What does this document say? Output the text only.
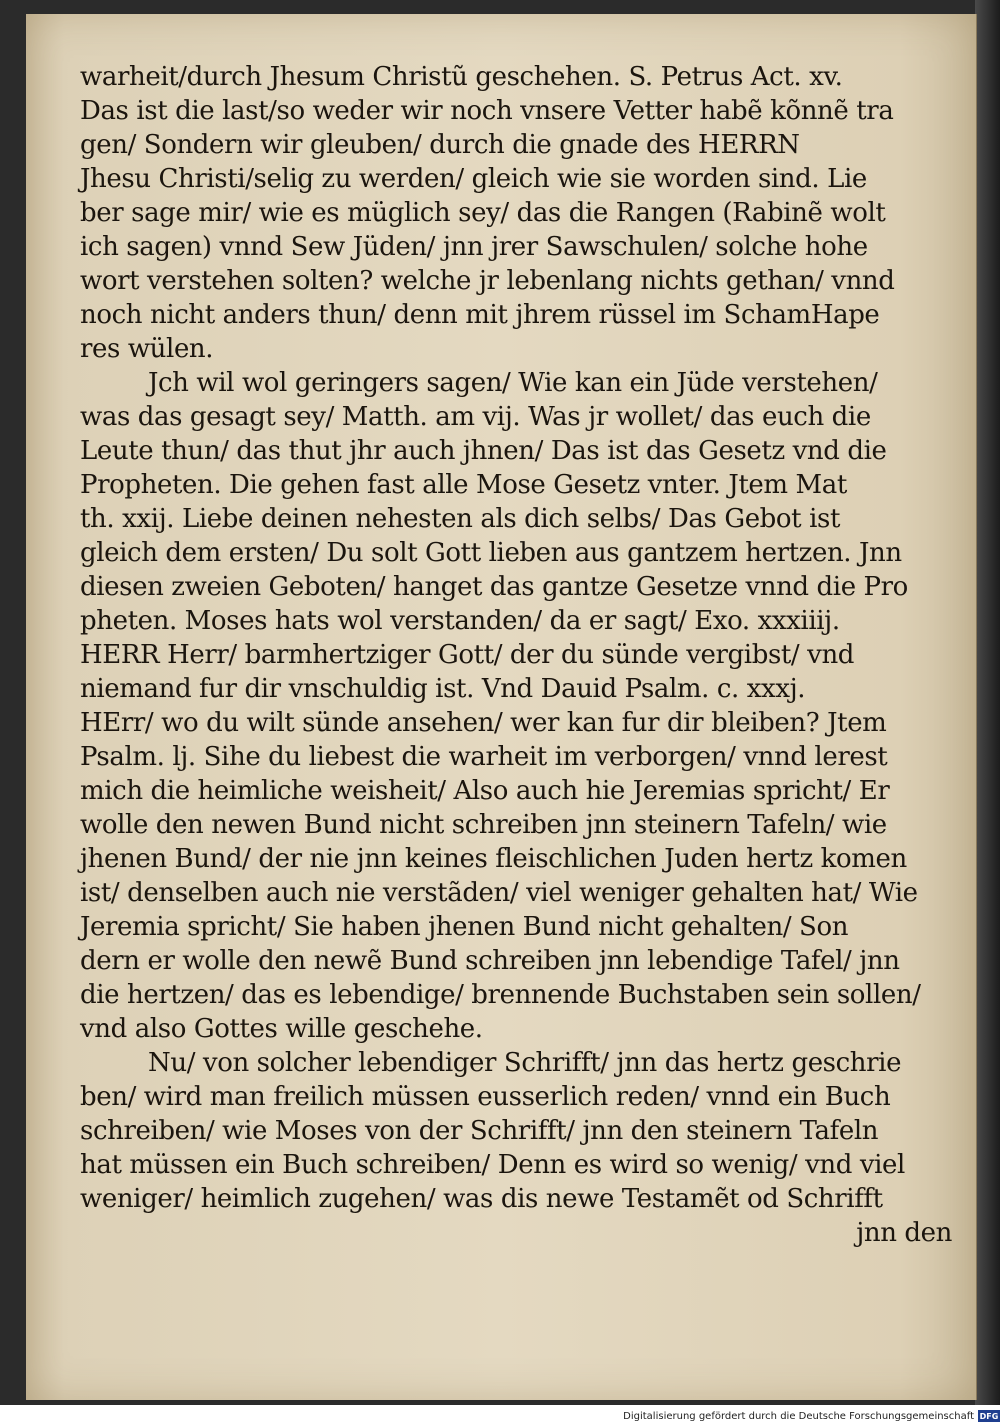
warheit/durch Jhesum Christũ geschehen. S. Petrus Act. xv.
Das ist die last/so weder wir noch vnsere Vetter habẽ kõnnẽ tra
gen/ Sondern wir gleuben/ durch die gnade des HERRN
Jhesu Christi/selig zu werden/ gleich wie sie worden sind. Lie
ber sage mir/ wie es müglich sey/ das die Rangen (Rabinẽ wolt
ich sagen) vnnd Sew Jüden/ jnn jrer Sawschulen/ solche hohe
wort verstehen solten? welche jr lebenlang nichts gethan/ vnnd
noch nicht anders thun/ denn mit jhrem rüssel im SchamHape
res wülen.
Jch wil wol geringers sagen/ Wie kan ein Jüde verstehen/
was das gesagt sey/ Matth. am vij. Was jr wollet/ das euch die
Leute thun/ das thut jhr auch jhnen/ Das ist das Gesetz vnd die
Propheten. Die gehen fast alle Mose Gesetz vnter. Jtem Mat
th. xxij. Liebe deinen nehesten als dich selbs/ Das Gebot ist
gleich dem ersten/ Du solt Gott lieben aus gantzem hertzen. Jnn
diesen zweien Geboten/ hanget das gantze Gesetze vnnd die Pro
pheten. Moses hats wol verstanden/ da er sagt/ Exo. xxxiiij.
HERR Herr/ barmhertziger Gott/ der du sünde vergibst/ vnd
niemand fur dir vnschuldig ist. Vnd Dauid Psalm. c. xxxj.
HErr/ wo du wilt sünde ansehen/ wer kan fur dir bleiben? Jtem
Psalm. lj. Sihe du liebest die warheit im verborgen/ vnnd lerest
mich die heimliche weisheit/ Also auch hie Jeremias spricht/ Er
wolle den newen Bund nicht schreiben jnn steinern Tafeln/ wie
jhenen Bund/ der nie jnn keines fleischlichen Juden hertz komen
ist/ denselben auch nie verstãden/ viel weniger gehalten hat/ Wie
Jeremia spricht/ Sie haben jhenen Bund nicht gehalten/ Son
dern er wolle den newẽ Bund schreiben jnn lebendige Tafel/ jnn
die hertzen/ das es lebendige/ brennende Buchstaben sein sollen/
vnd also Gottes wille geschehe.
Nu/ von solcher lebendiger Schrifft/ jnn das hertz geschrie
ben/ wird man freilich müssen eusserlich reden/ vnnd ein Buch
schreiben/ wie Moses von der Schrifft/ jnn den steinern Tafeln
hat müssen ein Buch schreiben/ Denn es wird so wenig/ vnd viel
weniger/ heimlich zugehen/ was dis newe Testamẽt od Schrifft
jnn den
Digitalisierung gefördert durch die Deutsche Forschungsgemeinschaft DFG
